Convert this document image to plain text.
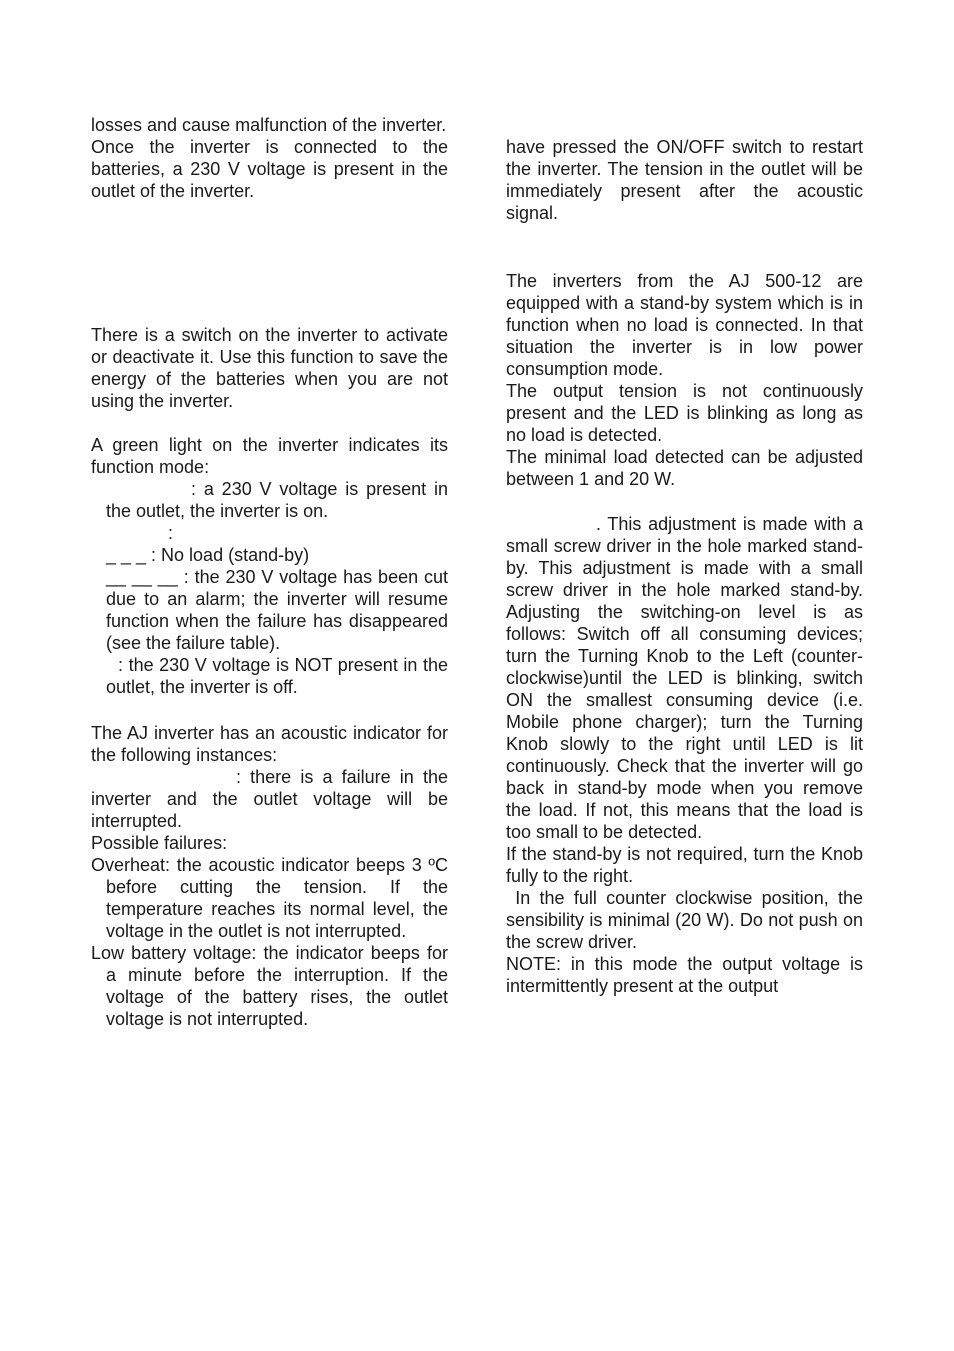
losses and cause malfunction of the inverter.

Once the inverter is connected to the batteries, a 230 V voltage is present in the outlet of the inverter.

There is a switch on the inverter to activate or deactivate it. Use this function to save the energy of the batteries when you are not using the inverter.

A green light on the inverter indicates its function mode:

: a 230 V voltage is present in the outlet, the inverter is on.

:

_ _ _ : No load (stand-by)

__ __ __ : the 230 V voltage has been cut due to an alarm; the inverter will resume function when the failure has disappeared (see the failure table).

: the 230 V voltage is NOT present in the outlet, the inverter is off.

The AJ inverter has an acoustic indicator for the following instances:

: there is a failure in the inverter and the outlet voltage will be interrupted.

Possible failures:

Overheat: the acoustic indicator beeps 3 ºC before cutting the tension. If the temperature reaches its normal level, the voltage in the outlet is not interrupted.

Low battery voltage: the indicator beeps for a minute before the interruption. If the voltage of the battery rises, the outlet voltage is not interrupted.

have pressed the ON/OFF switch to restart the inverter. The tension in the outlet will be immediately present after the acoustic signal.

The inverters from the AJ 500-12 are equipped with a stand-by system which is in function when no load is connected. In that situation the inverter is in low power consumption mode.

The output tension is not continuously present and the LED is blinking as long as no load is detected.

The minimal load detected can be adjusted between 1 and 20 W.

. This adjustment is made with a small screw driver in the hole marked stand-by. This adjustment is made with a small screw driver in the hole marked stand-by. Adjusting the switching-on level is as follows: Switch off all consuming devices; turn the Turning Knob to the Left (counter-clockwise)until the LED is blinking, switch ON the smallest consuming device (i.e. Mobile phone charger); turn the Turning Knob slowly to the right until LED is lit continuously. Check that the inverter will go back in stand-by mode when you remove the load. If not, this means that the load is too small to be detected.

If the stand-by is not required, turn the Knob fully to the right.

In the full counter clockwise position, the sensibility is minimal (20 W). Do not push on the screw driver.

NOTE: in this mode the output voltage is intermittently present at the output
